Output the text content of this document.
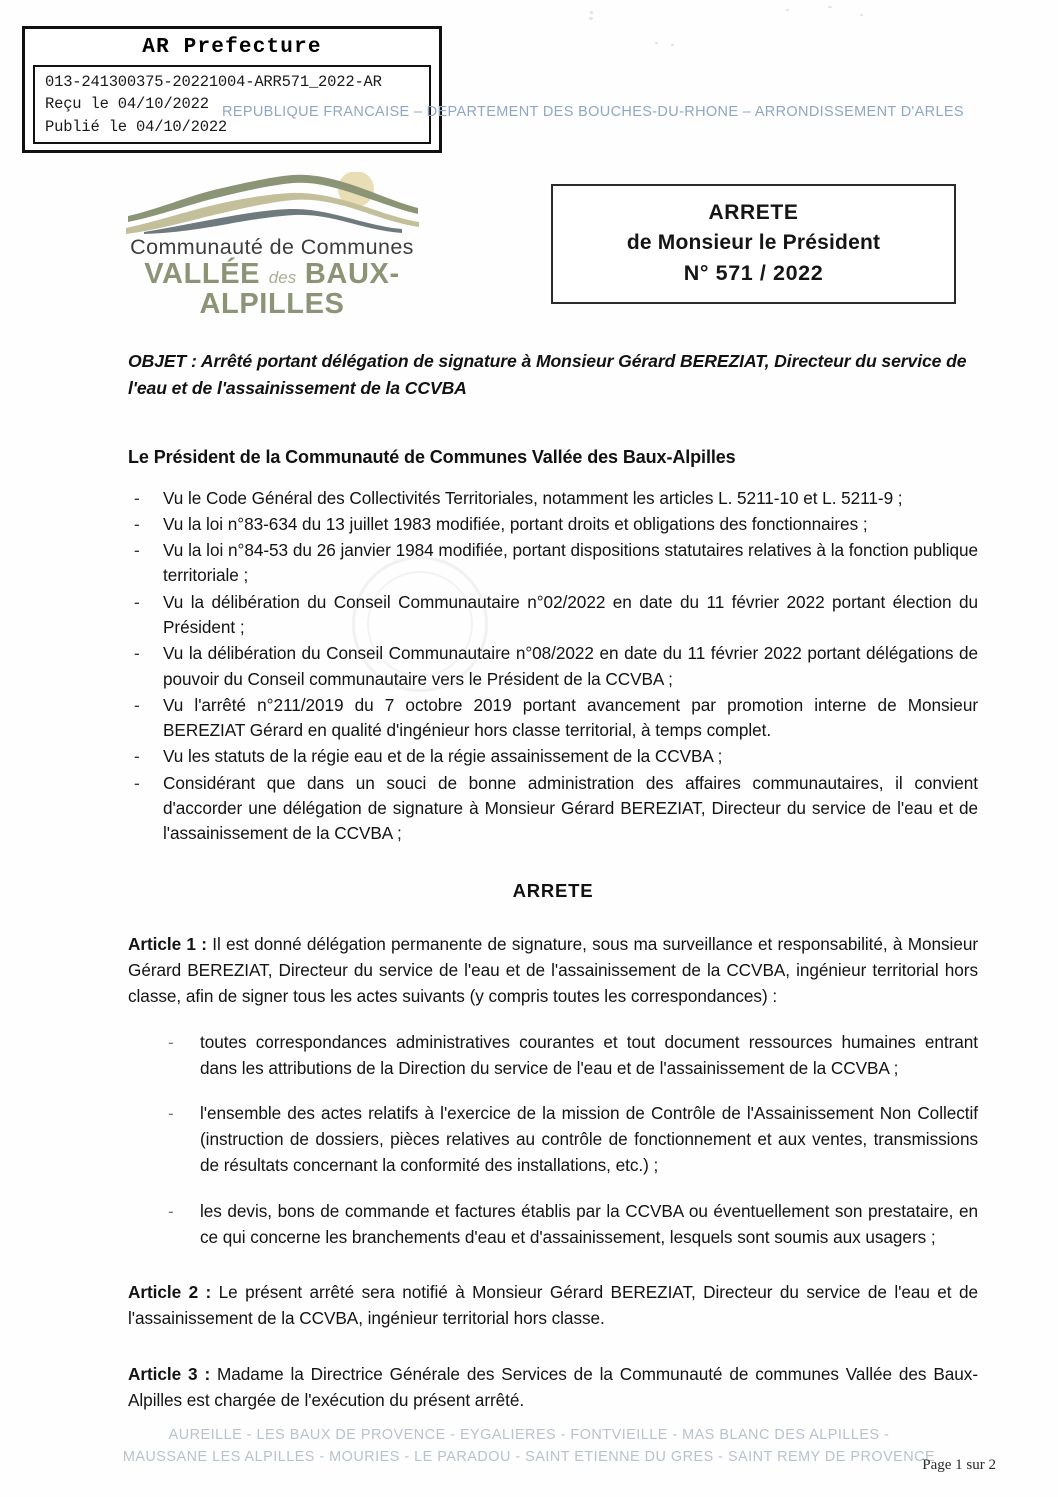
AR Prefecture
013-241300375-20221004-ARR571_2022-AR
Reçu le 04/10/2022
Publié le 04/10/2022
REPUBLIQUE FRANCAISE – DEPARTEMENT DES BOUCHES-DU-RHONE – ARRONDISSEMENT D'ARLES
Communauté de Communes
VALLÉE des BAUX-ALPILLES
ARRETE
de Monsieur le Président
N° 571 / 2022
OBJET : Arrêté portant délégation de signature à Monsieur Gérard BEREZIAT, Directeur du service de l'eau et de l'assainissement de la CCVBA
Le Président de la Communauté de Communes Vallée des Baux-Alpilles
- Vu le Code Général des Collectivités Territoriales, notamment les articles L. 5211-10 et L. 5211-9 ;
- Vu la loi n°83-634 du 13 juillet 1983 modifiée, portant droits et obligations des fonctionnaires ;
- Vu la loi n°84-53 du 26 janvier 1984 modifiée, portant dispositions statutaires relatives à la fonction publique territoriale ;
- Vu la délibération du Conseil Communautaire n°02/2022 en date du 11 février 2022 portant élection du Président ;
- Vu la délibération du Conseil Communautaire n°08/2022 en date du 11 février 2022 portant délégations de pouvoir du Conseil communautaire vers le Président de la CCVBA ;
- Vu l'arrêté n°211/2019 du 7 octobre 2019 portant avancement par promotion interne de Monsieur BEREZIAT Gérard en qualité d'ingénieur hors classe territorial, à temps complet.
- Vu les statuts de la régie eau et de la régie assainissement de la CCVBA ;
- Considérant que dans un souci de bonne administration des affaires communautaires, il convient d'accorder une délégation de signature à Monsieur Gérard BEREZIAT, Directeur du service de l'eau et de l'assainissement de la CCVBA ;
ARRETE
Article 1 : Il est donné délégation permanente de signature, sous ma surveillance et responsabilité, à Monsieur Gérard BEREZIAT, Directeur du service de l'eau et de l'assainissement de la CCVBA, ingénieur territorial hors classe, afin de signer tous les actes suivants (y compris toutes les correspondances) :
- toutes correspondances administratives courantes et tout document ressources humaines entrant dans les attributions de la Direction du service de l'eau et de l'assainissement de la CCVBA ;
- l'ensemble des actes relatifs à l'exercice de la mission de Contrôle de l'Assainissement Non Collectif (instruction de dossiers, pièces relatives au contrôle de fonctionnement et aux ventes, transmissions de résultats concernant la conformité des installations, etc.) ;
- les devis, bons de commande et factures établis par la CCVBA ou éventuellement son prestataire, en ce qui concerne les branchements d'eau et d'assainissement, lesquels sont soumis aux usagers ;
Article 2 : Le présent arrêté sera notifié à Monsieur Gérard BEREZIAT, Directeur du service de l'eau et de l'assainissement de la CCVBA, ingénieur territorial hors classe.
Article 3 : Madame la Directrice Générale des Services de la Communauté de communes Vallée des Baux-Alpilles est chargée de l'exécution du présent arrêté.
AUREILLE - LES BAUX DE PROVENCE - EYGALIERES - FONTVIEILLE - MAS BLANC DES ALPILLES -
MAUSSANE LES ALPILLES - MOURIES - LE PARADOU - SAINT ETIENNE DU GRES - SAINT REMY DE PROVENCE
Page 1 sur 2
